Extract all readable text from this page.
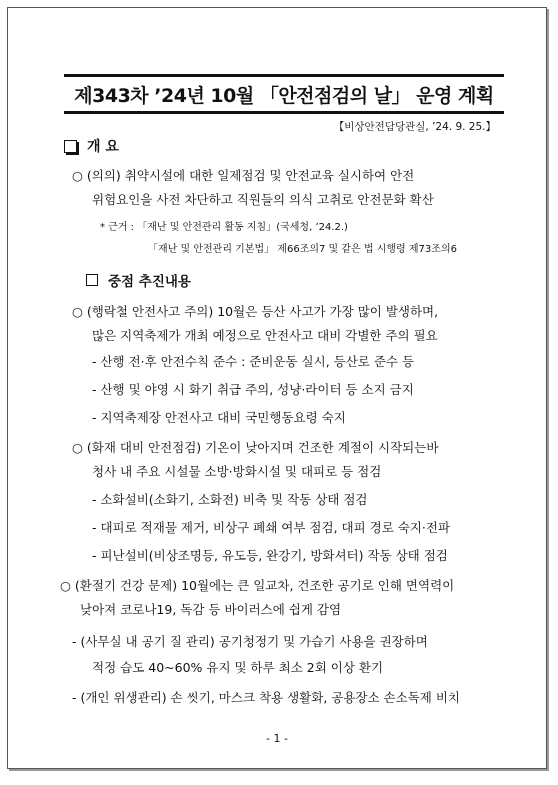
제343차 ’24년 10월 「안전점검의 날」 운영 계획
【비상안전담당관실, ’24. 9. 25.】
개 요
○ (의의) 취약시설에 대한 일제점검 및 안전교육 실시하여 안전
위험요인을 사전 차단하고 직원들의 의식 고취로 안전문화 확산
* 근거 : 「재난 및 안전관리 활동 지침」(국세청, ’24.2.)
「재난 및 안전관리 기본법」 제66조의7 및 같은 법 시행령 제73조의6
중점 추진내용
○ (행락철 안전사고 주의) 10월은 등산 사고가 가장 많이 발생하며,
많은 지역축제가 개최 예정으로 안전사고 대비 각별한 주의 필요
- 산행 전·후 안전수칙 준수 : 준비운동 실시, 등산로 준수 등
- 산행 및 야영 시 화기 취급 주의, 성냥·라이터 등 소지 금지
- 지역축제장 안전사고 대비 국민행동요령 숙지
○ (화재 대비 안전점검) 기온이 낮아지며 건조한 계절이 시작되는바
청사 내 주요 시설물 소방·방화시설 및 대피로 등 점검
- 소화설비(소화기, 소화전) 비축 및 작동 상태 점검
- 대피로 적재물 제거, 비상구 폐쇄 여부 점검, 대피 경로 숙지·전파
- 피난설비(비상조명등, 유도등, 완강기, 방화셔터) 작동 상태 점검
○ (환절기 건강 문제) 10월에는 큰 일교차, 건조한 공기로 인해 면역력이
낮아져 코로나19, 독감 등 바이러스에 쉽게 감염
- (사무실 내 공기 질 관리) 공기청정기 및 가습기 사용을 권장하며
적정 습도 40~60% 유지 및 하루 최소 2회 이상 환기
- (개인 위생관리) 손 씻기, 마스크 착용 생활화, 공용장소 손소독제 비치
- 1 -
